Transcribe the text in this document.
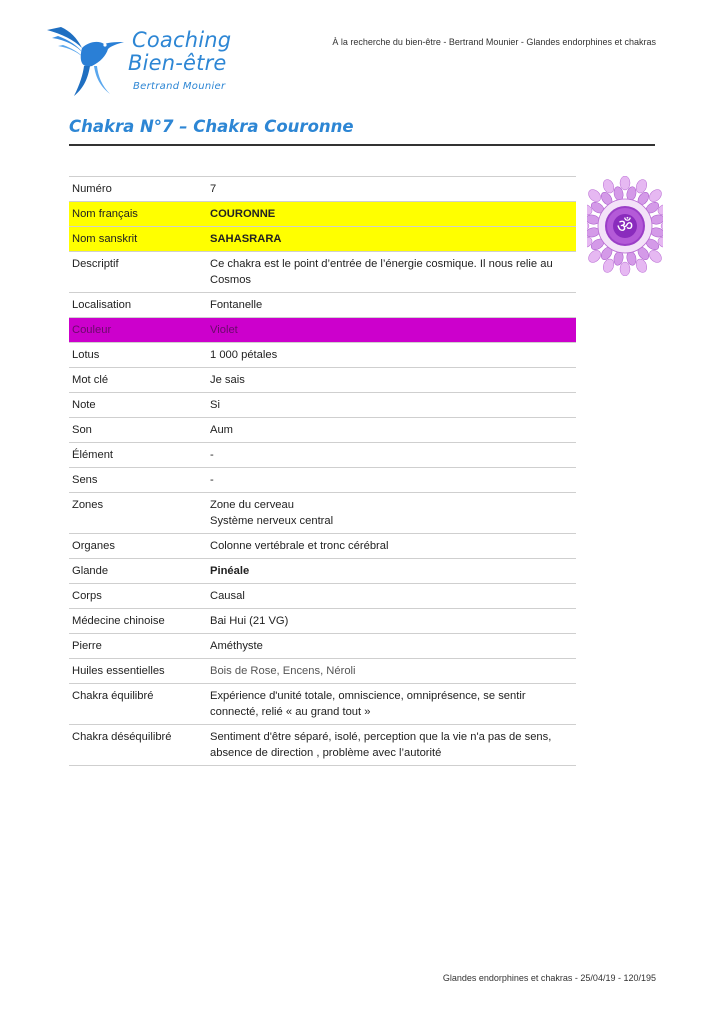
Coaching
Bien-être
Bertrand Mounier
À la recherche du bien-être - Bertrand Mounier - Glandes endorphines et chakras
Chakra N°7 – Chakra Couronne
Numéro	7
Nom français	COURONNE
Nom sanskrit	SAHASRARA
Descriptif	Ce chakra est le point d’entrée de l’énergie cosmique. Il nous relie au Cosmos
Localisation	Fontanelle
Couleur	Violet
Lotus	1 000 pétales
Mot clé	Je sais
Note	Si
Son	Aum
Élément	-
Sens	-
Zones	Zone du cerveau
Système nerveux central

Organes	Colonne vertébrale et tronc cérébral
Glande	Pinéale
Corps	Causal
Médecine chinoise	Bai Hui (21 VG)
Pierre	Améthyste
Huiles essentielles	Bois de Rose, Encens, Néroli
Chakra équilibré	Expérience d'unité totale, omniscience, omniprésence, se sentir connecté, relié « au grand tout »
Chakra déséquilibré	Sentiment d'être séparé, isolé, perception que la vie n'a pas de sens, absence de direction , problème avec l’autorité
ॐ
Glandes endorphines et chakras - 25/04/19 - 120/195
